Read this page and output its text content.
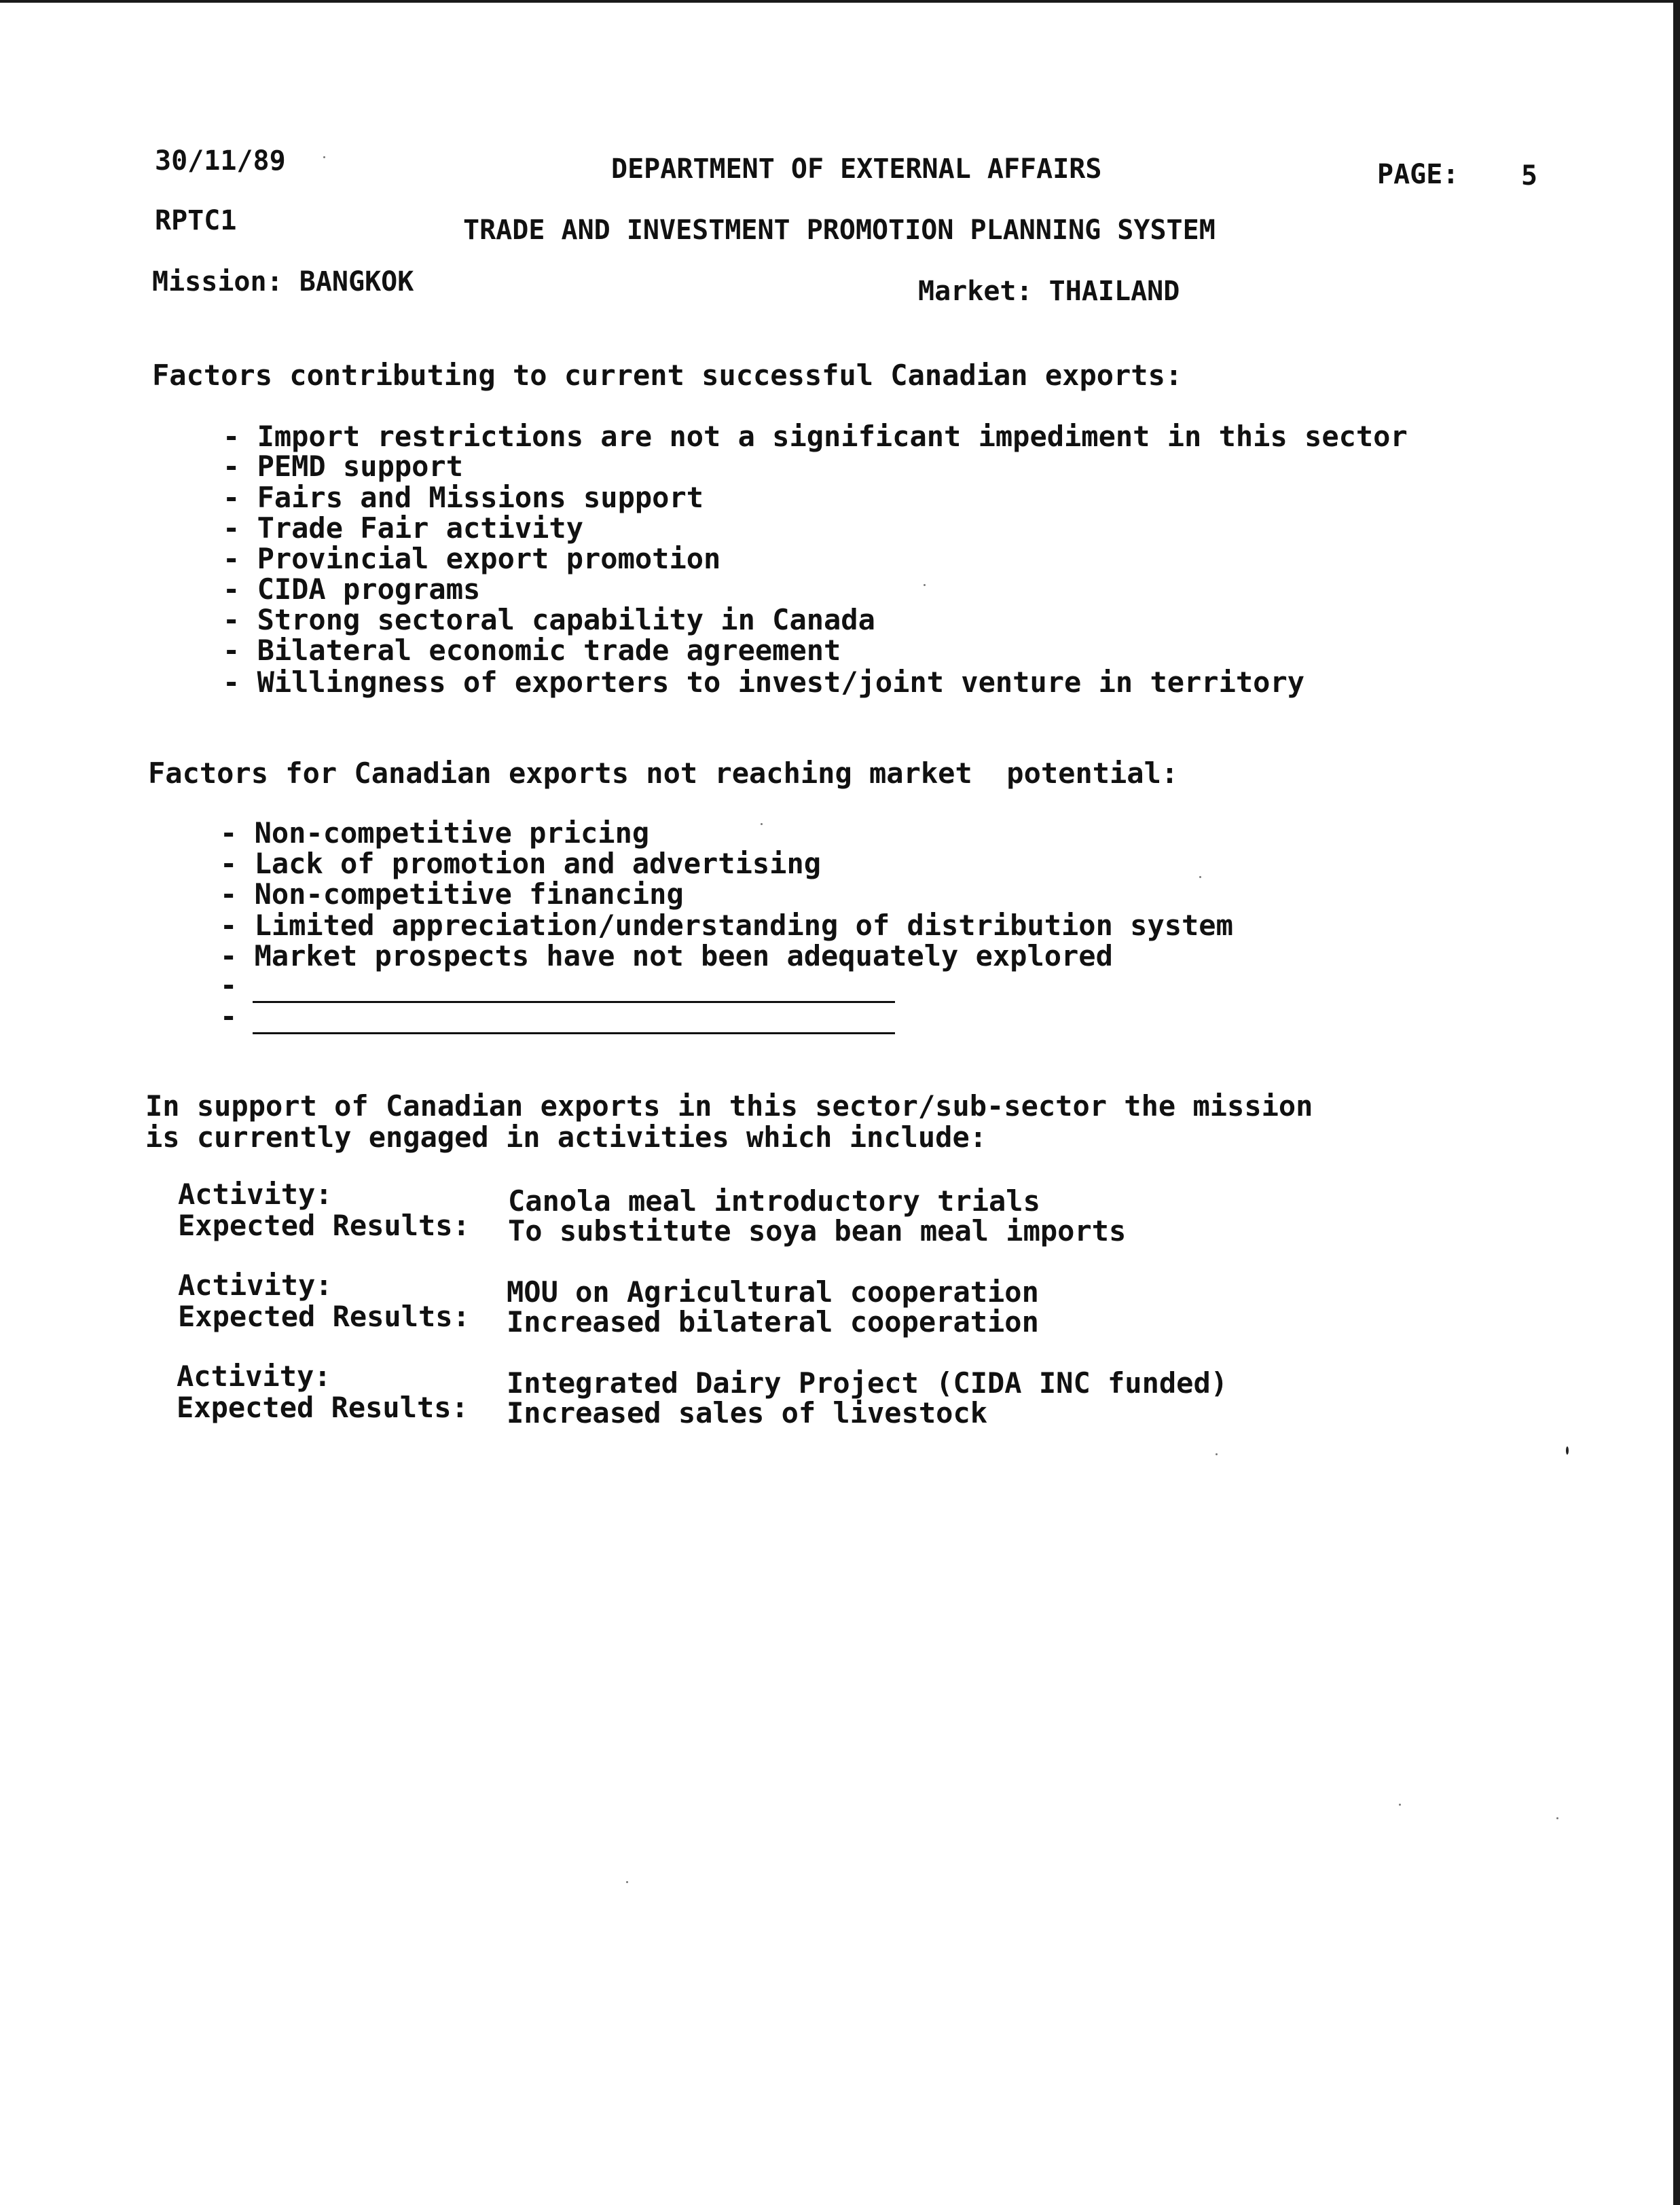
30/11/89	DEPARTMENT OF EXTERNAL AFFAIRS	PAGE: 5
RPTC1	TRADE AND INVESTMENT PROMOTION PLANNING SYSTEM
Mission: BANGKOK	Market: THAILAND
Factors contributing to current successful Canadian exports:
- Import restrictions are not a significant impediment in this sector
- PEMD support
- Fairs and Missions support
- Trade Fair activity
- Provincial export promotion
- CIDA programs
- Strong sectoral capability in Canada
- Bilateral economic trade agreement
- Willingness of exporters to invest/joint venture in territory
Factors for Canadian exports not reaching market  potential:
- Non-competitive pricing
- Lack of promotion and advertising
- Non-competitive financing
- Limited appreciation/understanding of distribution system
- Market prospects have not been adequately explored
-
-
In support of Canadian exports in this sector/sub-sector the mission
is currently engaged in activities which include:
Activity:	Canola meal introductory trials
Expected Results: To substitute soya bean meal imports
Activity:	MOU on Agricultural cooperation
Expected Results: Increased bilateral cooperation
Activity:	Integrated Dairy Project (CIDA INC funded)
Expected Results: Increased sales of livestock
